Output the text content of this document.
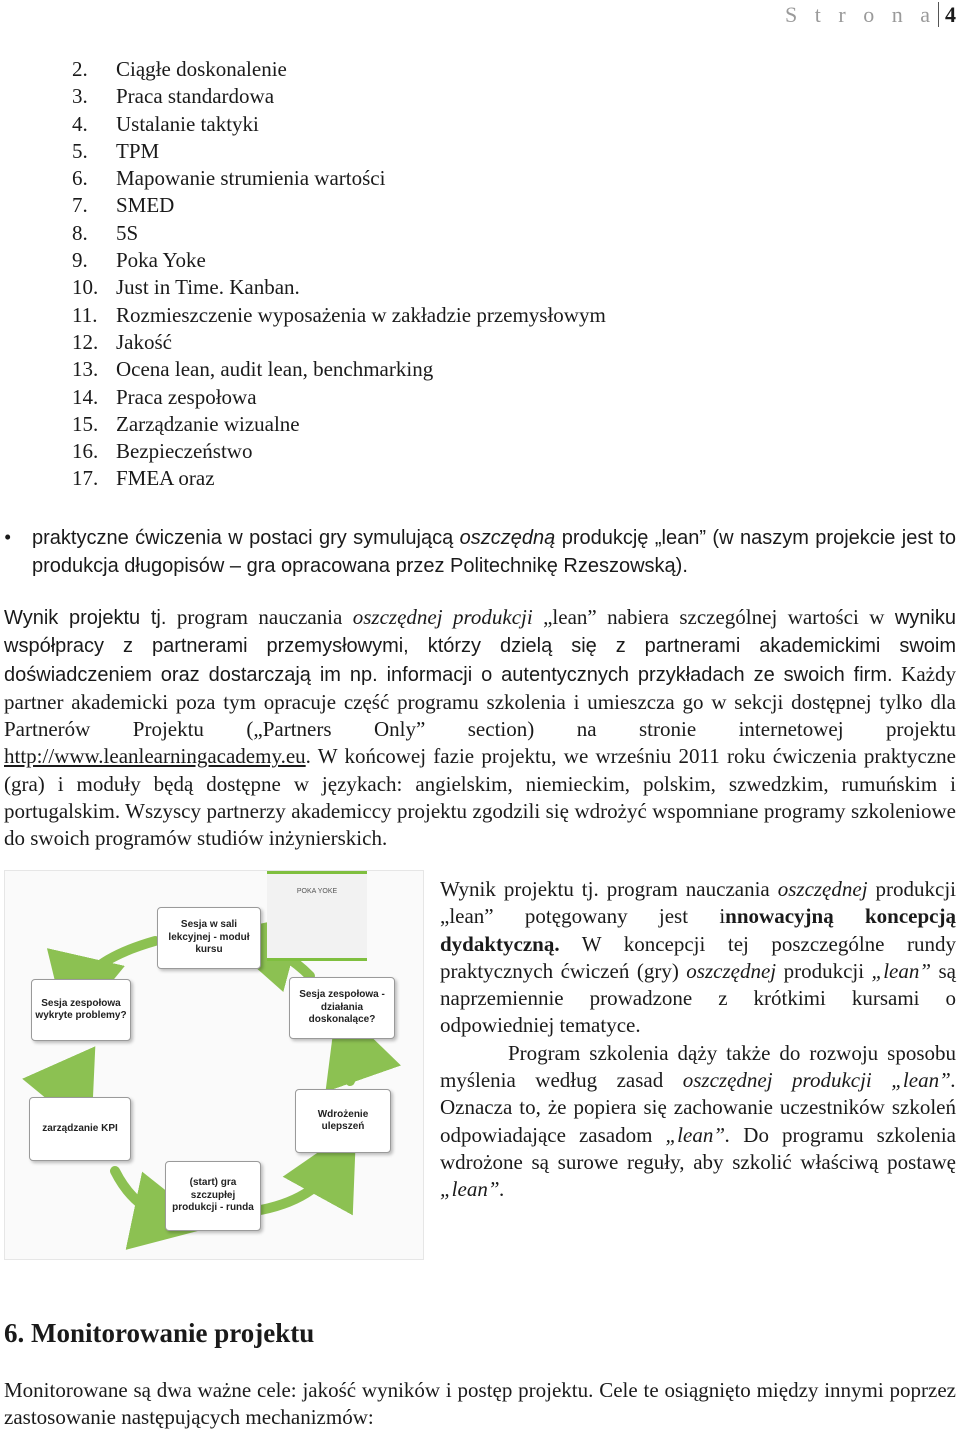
S t r o n a 4
2.	Ciągłe doskonalenie
3.	Praca standardowa
4.	Ustalanie taktyki
5.	TPM
6.	Mapowanie strumienia wartości
7.	SMED
8.	5S
9.	Poka Yoke
10. Just in Time. Kanban.
11. Rozmieszczenie wyposażenia w zakładzie przemysłowym
12. Jakość
13. Ocena lean, audit lean, benchmarking
14. Praca zespołowa
15. Zarządzanie wizualne
16. Bezpieczeństwo
17. FMEA oraz
•	praktyczne ćwiczenia w postaci gry symulującą oszczędną produkcję „lean” (w naszym projekcie jest to produkcja długopisów – gra opracowana przez Politechnikę Rzeszowską).
Wynik projektu tj. program nauczania oszczędnej produkcji „lean” nabiera szczególnej wartości w wyniku współpracy z partnerami przemysłowymi, którzy dzielą się z partnerami akademickimi swoim doświadczeniem oraz dostarczają im np. informacji o autentycznych przykładach ze swoich firm. Każdy partner akademicki poza tym opracuje część programu szkolenia i umieszcza go w sekcji dostępnej tylko dla Partnerów Projektu („Partners Only” section) na stronie internetowej projektu http://www.leanlearningacademy.eu. W końcowej fazie projektu, we wrześniu 2011 roku ćwiczenia praktyczne (gra) i moduły będą dostępne w językach: angielskim, niemieckim, polskim, szwedzkim, rumuńskim i portugalskim. Wszyscy partnerzy akademiccy projektu zgodzili się wdrożyć wspomniane programy szkoleniowe do swoich programów studiów inżynierskich.
POKA YOKE
Sesja w sali lekcyjnej - moduł kursu
Sesja zespołowa wykryte problemy?
Sesja zespołowa - działania doskonalące?
zarządzanie KPI
Wdrożenie ulepszeń
(start) gra szczupłej produkcji - runda

Wynik projektu tj. program nauczania oszczędnej produkcji „lean” potęgowany jest innowacyjną koncepcją dydaktyczną. W koncepcji tej poszczególne rundy praktycznych ćwiczeń (gry) oszczędnej produkcji „lean” są naprzemiennie prowadzone z krótkimi kursami o odpowiedniej tematyce.

Program szkolenia dąży także do rozwoju sposobu myślenia według zasad oszczędnej produkcji „lean”. Oznacza to, że popiera się zachowanie uczestników szkoleń odpowiadające zasadom „lean”. Do programu szkolenia wdrożone są surowe reguły, aby szkolić właściwą postawę „lean”.

6. Monitorowanie projektu
Monitorowane są dwa ważne cele: jakość wyników i postęp projektu. Cele te osiągnięto między innymi poprzez zastosowanie następujących mechanizmów:
